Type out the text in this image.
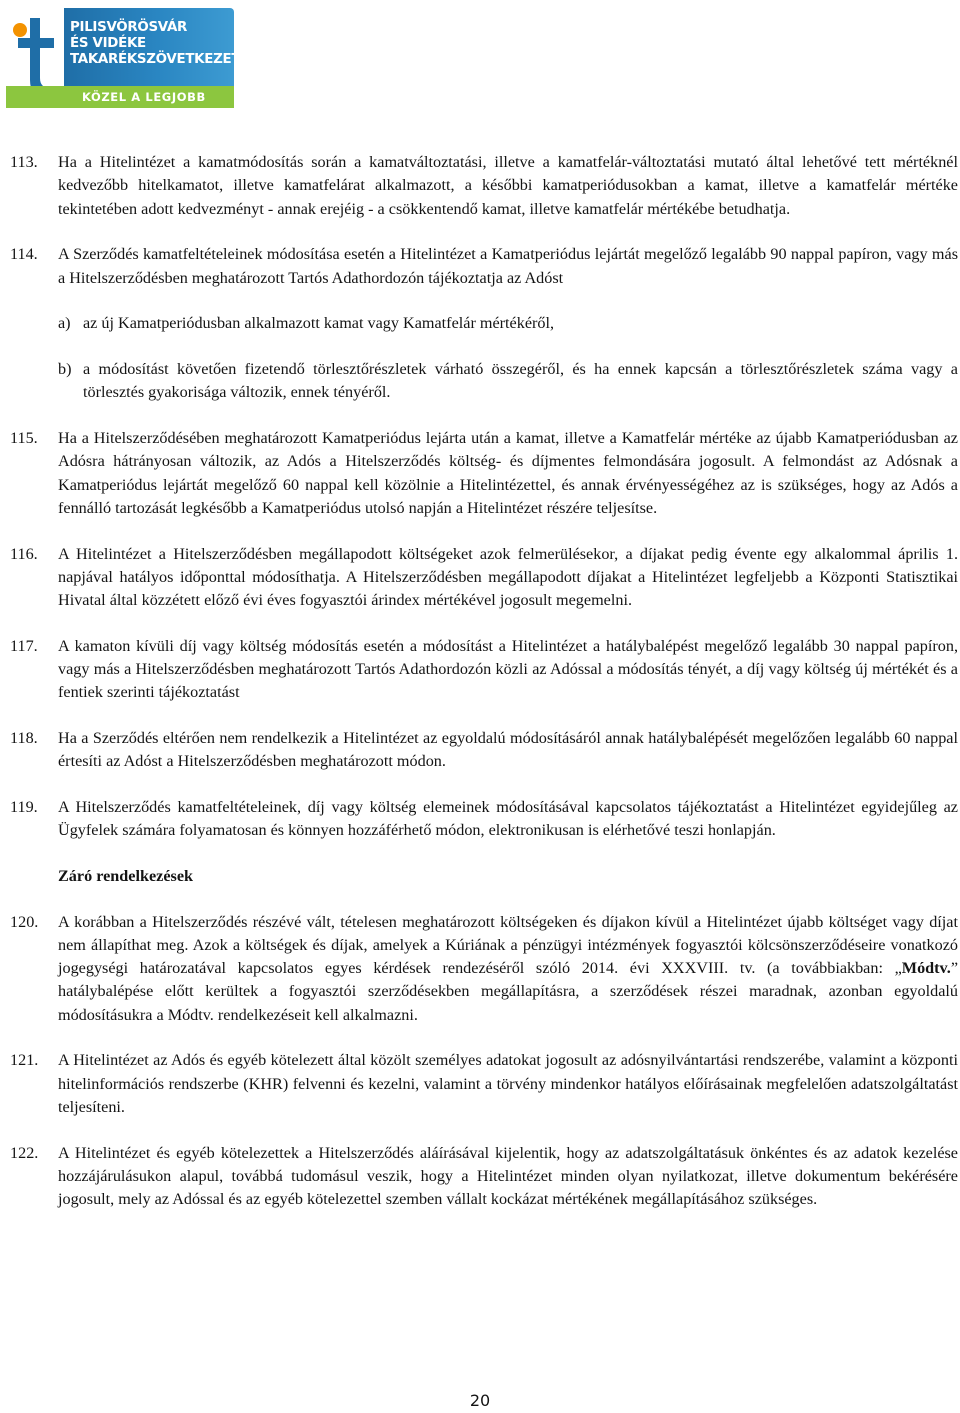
PILISVÖRÖSVÁR
ÉS VIDÉKE
TAKARÉKSZÖVETKEZET
KÖZEL A LEGJOBB
113. Ha a Hitelintézet a kamatmódosítás során a kamatváltoztatási, illetve a kamatfelár-változtatási mutató által lehetővé tett mértéknél kedvezőbb hitelkamatot, illetve kamatfelárat alkalmazott, a későbbi kamatperiódusokban a kamat, illetve a kamatfelár mértéke tekintetében adott kedvezményt - annak erejéig - a csökkentendő kamat, illetve kamatfelár mértékébe betudhatja.

114. A Szerződés kamatfeltételeinek módosítása esetén a Hitelintézet a Kamatperiódus lejártát megelőző legalább 90 nappal papíron, vagy más a Hitelszerződésben meghatározott Tartós Adathordozón tájékoztatja az Adóst

a) az új Kamatperiódusban alkalmazott kamat vagy Kamatfelár mértékéről,
b) a módosítást követően fizetendő törlesztőrészletek várható összegéről, és ha ennek kapcsán a törlesztőrészletek száma vagy a törlesztés gyakorisága változik, ennek tényéről.
115. Ha a Hitelszerződésében meghatározott Kamatperiódus lejárta után a kamat, illetve a Kamatfelár mértéke az újabb Kamatperiódusban az Adósra hátrányosan változik, az Adós a Hitelszerződés költség- és díjmentes felmondására jogosult. A felmondást az Adósnak a Kamatperiódus lejártát megelőző 60 nappal kell közölnie a Hitelintézettel, és annak érvényességéhez az is szükséges, hogy az Adós a fennálló tartozását legkésőbb a Kamatperiódus utolsó napján a Hitelintézet részére teljesítse.

116. A Hitelintézet a Hitelszerződésben megállapodott költségeket azok felmerülésekor, a díjakat pedig évente egy alkalommal április 1. napjával hatályos időponttal módosíthatja. A Hitelszerződésben megállapodott díjakat a Hitelintézet legfeljebb a Központi Statisztikai Hivatal által közzétett előző évi éves fogyasztói árindex mértékével jogosult megemelni.

117. A kamaton kívüli díj vagy költség módosítás esetén a módosítást a Hitelintézet a hatálybalépést megelőző legalább 30 nappal papíron, vagy más a Hitelszerződésben meghatározott Tartós Adathordozón közli az Adóssal a módosítás tényét, a díj vagy költség új mértékét és a fentiek szerinti tájékoztatást

118. Ha a Szerződés eltérően nem rendelkezik a Hitelintézet az egyoldalú módosításáról annak hatálybalépését megelőzően legalább 60 nappal értesíti az Adóst a Hitelszerződésben meghatározott módon.

119. A Hitelszerződés kamatfeltételeinek, díj vagy költség elemeinek módosításával kapcsolatos tájékoztatást a Hitelintézet egyidejűleg az Ügyfelek számára folyamatosan és könnyen hozzáférhető módon, elektronikusan is elérhetővé teszi honlapján.

Záró rendelkezések
120. A korábban a Hitelszerződés részévé vált, tételesen meghatározott költségeken és díjakon kívül a Hitelintézet újabb költséget vagy díjat nem állapíthat meg. Azok a költségek és díjak, amelyek a Kúriának a pénzügyi intézmények fogyasztói kölcsönszerződéseire vonatkozó jogegységi határozatával kapcsolatos egyes kérdések rendezéséről szóló 2014. évi XXXVIII. tv. (a továbbiakban: „Módtv.” hatálybalépése előtt kerültek a fogyasztói szerződésekben megállapításra, a szerződések részei maradnak, azonban egyoldalú módosításukra a Módtv. rendelkezéseit kell alkalmazni.

121. A Hitelintézet az Adós és egyéb kötelezett által közölt személyes adatokat jogosult az adósnyilvántartási rendszerébe, valamint a központi hitelinformációs rendszerbe (KHR) felvenni és kezelni, valamint a törvény mindenkor hatályos előírásainak megfelelően adatszolgáltatást teljesíteni.

122. A Hitelintézet és egyéb kötelezettek a Hitelszerződés aláírásával kijelentik, hogy az adatszolgáltatásuk önkéntes és az adatok kezelése hozzájárulásukon alapul, továbbá tudomásul veszik, hogy a Hitelintézet minden olyan nyilatkozat, illetve dokumentum bekérésére jogosult, mely az Adóssal és az egyéb kötelezettel szemben vállalt kockázat mértékének megállapításához szükséges.

20
